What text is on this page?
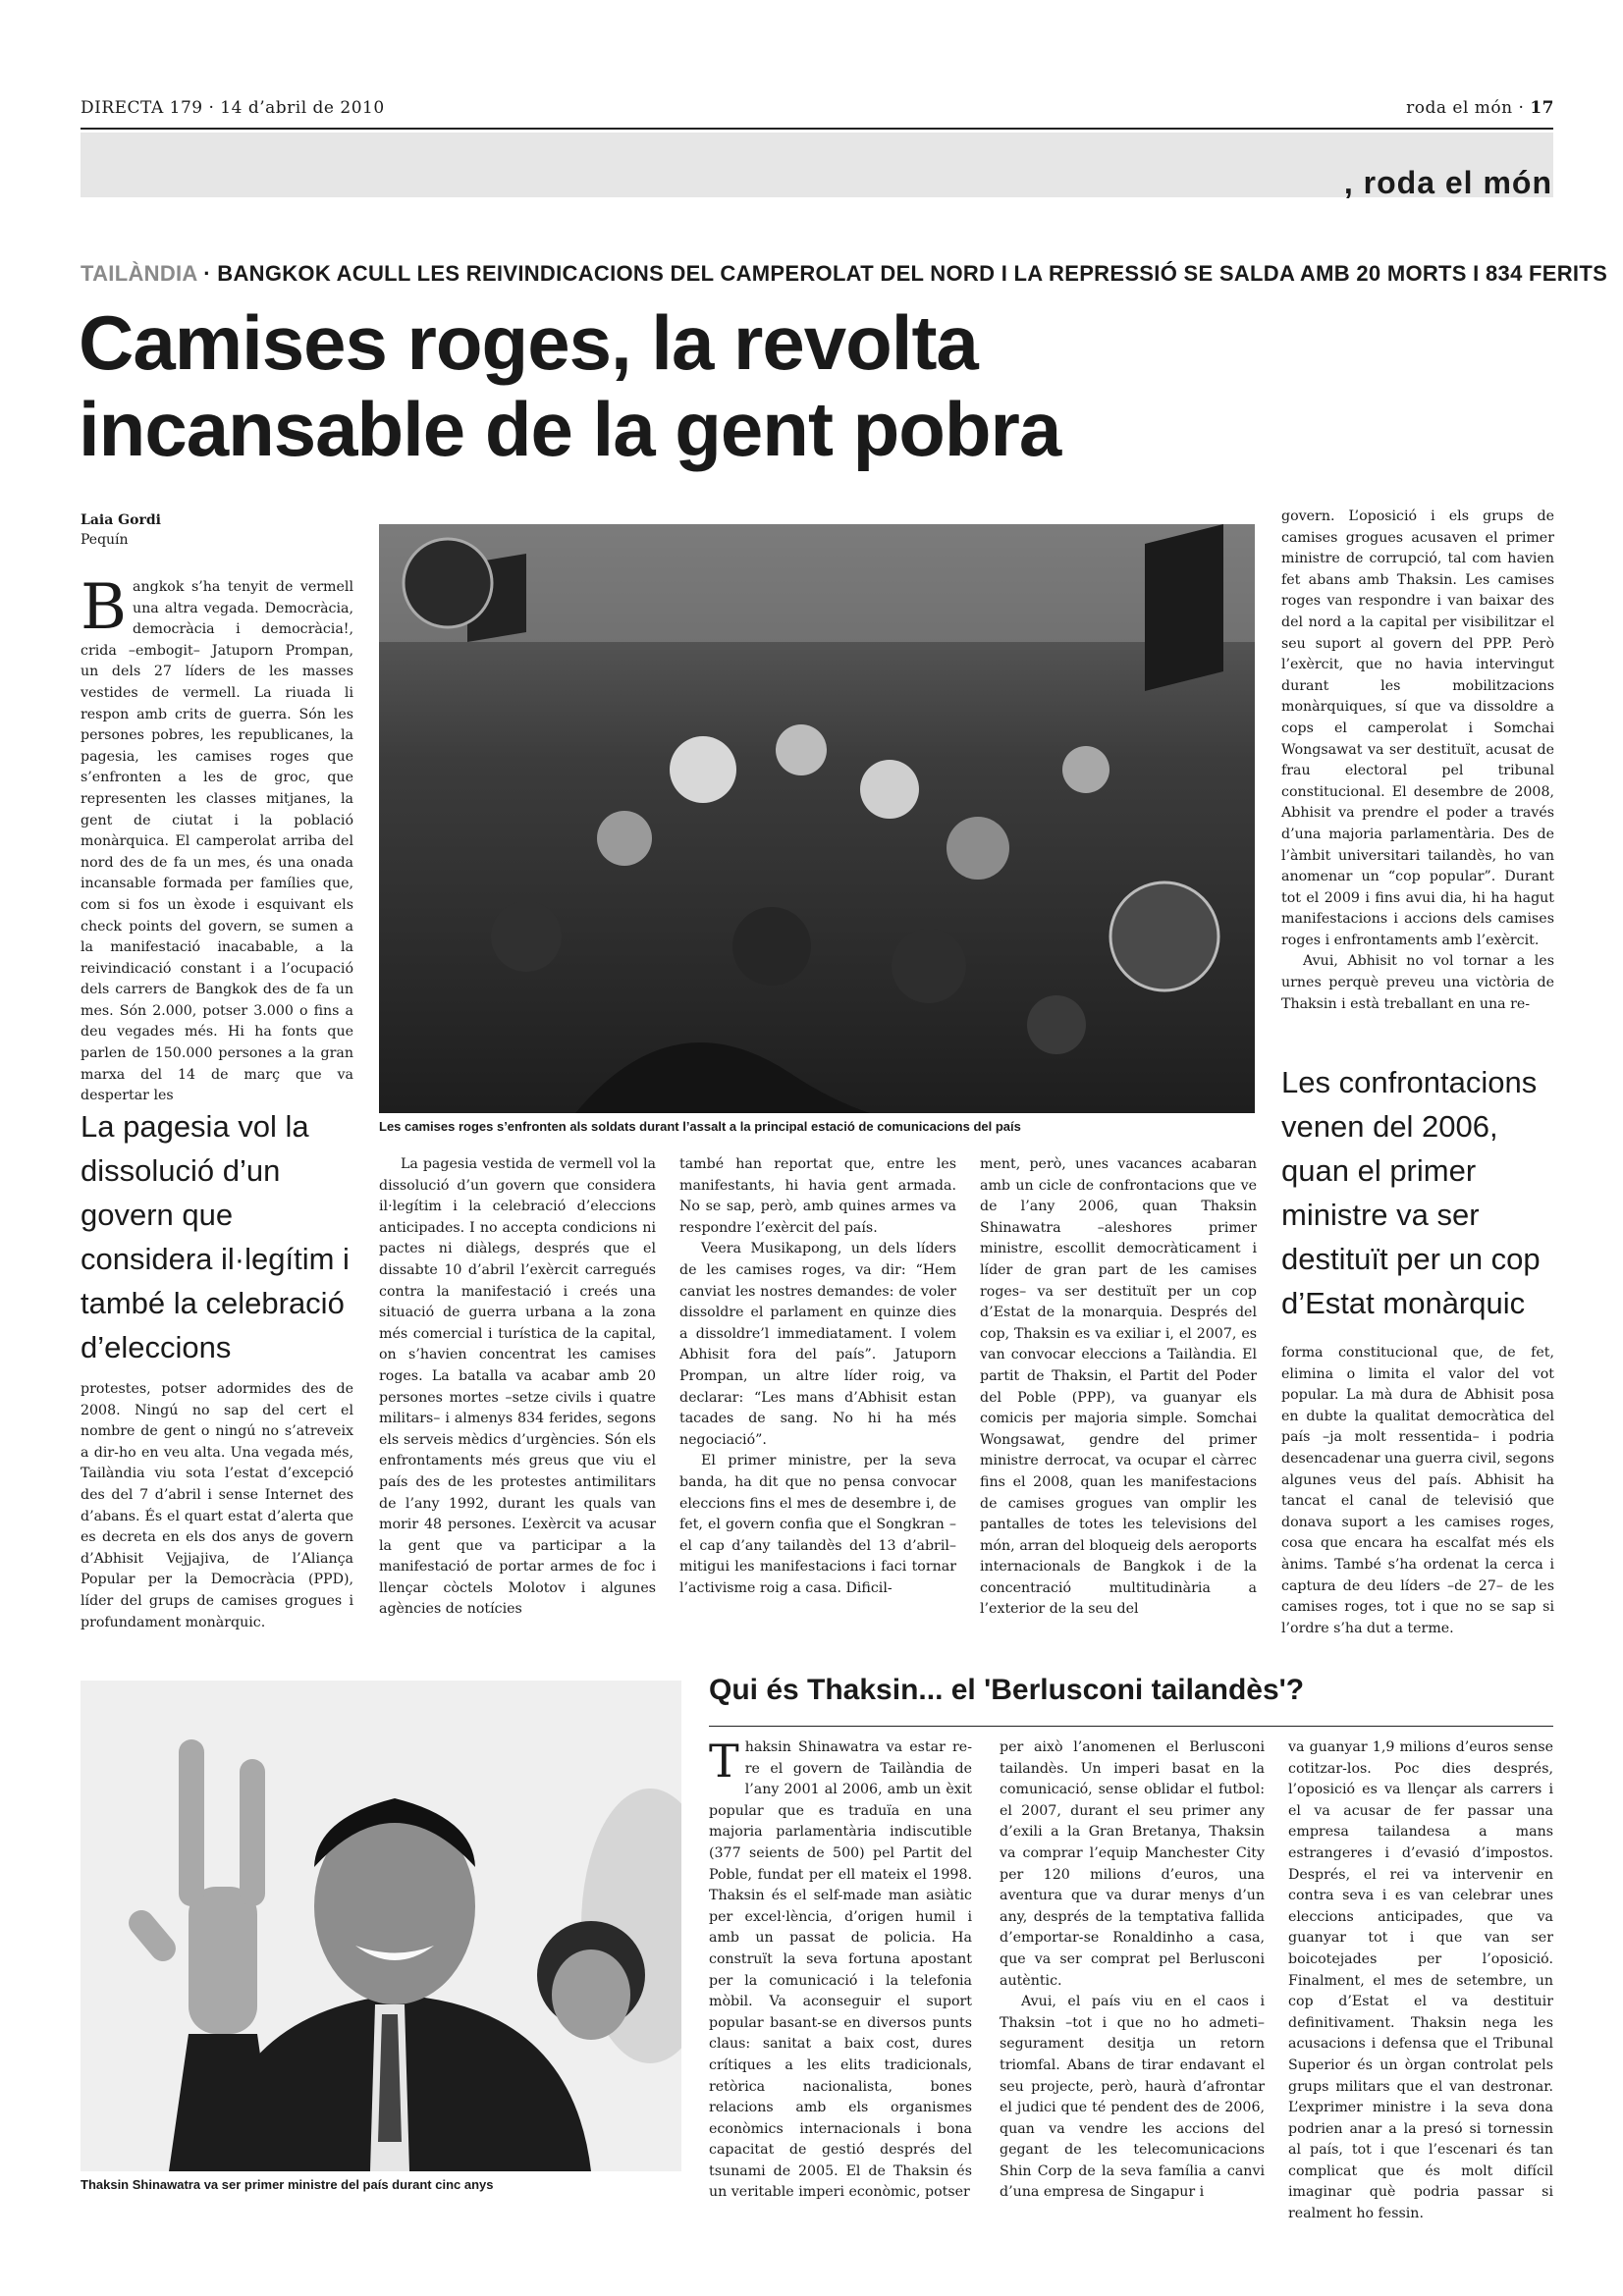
DIRECTA 179 · 14 d’abril de 2010	roda el món · 17
, roda el món
TAILÀNDIA · BANGKOK ACULL LES REIVINDICACIONS DEL CAMPEROLAT DEL NORD I LA REPRESSIÓ SE SALDA AMB 20 MORTS I 834 FERITS
Camises roges, la revolta
incansable de la gent pobra
Laia Gordi
Pequín
B angkok s’ha tenyit de vermell una altra vegada. Democràcia, democràcia i democràcia!, crida –embogit– Jatuporn Prompan, un dels 27 líders de les masses vestides de vermell. La riuada li respon amb crits de guerra. Són les persones pobres, les republicanes, la pagesia, les camises roges que s’enfronten a les de groc, que representen les classes mitjanes, la gent de ciutat i la població monàrquica. El camperolat arriba del nord des de fa un mes, és una onada incansable formada per famílies que, com si fos un èxode i esquivant els check points del govern, se sumen a la manifestació inacabable, a la reivindicació constant i a l’ocupació dels carrers de Bangkok des de fa un mes. Són 2.000, potser 3.000 o fins a deu vegades més. Hi ha fonts que parlen de 150.000 persones a la gran marxa del 14 de març que va despertar les
La pagesia vol la dissolució d’un govern que considera il·legítim i també la celebració d’eleccions
protestes, potser adormides des de 2008. Ningú no sap del cert el nombre de gent o ningú no s’atreveix a dir-ho en veu alta. Una vegada més, Tailàndia viu sota l’estat d’excepció des del 7 d’abril i sense Internet des d’abans. És el quart estat d’alerta que es decreta en els dos anys de govern d’Abhisit Vejjajiva, de l’Aliança Popular per la Democràcia (PPD), líder del grups de camises grogues i profundament monàrquic.
Les camises roges s’enfronten als soldats durant l’assalt a la principal estació de comunicacions del país
La pagesia vestida de vermell vol la dissolució d’un govern que considera il·legítim i la celebració d’eleccions anticipades. I no accepta condicions ni pactes ni diàlegs, després que el dissabte 10 d’abril l’exèrcit carregués contra la manifestació i creés una situació de guerra urbana a la zona més comercial i turística de la capital, on s’havien concentrat les camises roges. La batalla va acabar amb 20 persones mortes –setze civils i quatre militars– i almenys 834 ferides, segons els serveis mèdics d’urgències. Són els enfrontaments més greus que viu el país des de les protestes antimilitars de l’any 1992, durant les quals van morir 48 persones. L’exèrcit va acusar la gent que va participar a la manifestació de portar armes de foc i llençar còctels Molotov i algunes agències de notícies

també han reportat que, entre les manifestants, hi havia gent armada. No se sap, però, amb quines armes va respondre l’exèrcit del país.

Veera Musikapong, un dels líders de les camises roges, va dir: “Hem canviat les nostres demandes: de voler dissoldre el parlament en quinze dies a dissoldre’l immediatament. I volem Abhisit fora del país”. Jatuporn Prompan, un altre líder roig, va declarar: “Les mans d’Abhisit estan tacades de sang. No hi ha més negociació”.

El primer ministre, per la seva banda, ha dit que no pensa convocar eleccions fins el mes de desembre i, de fet, el govern confia que el Songkran –el cap d’any tailandès del 13 d’abril– mitigui les manifestacions i faci tornar l’activisme roig a casa. Dificil-

ment, però, unes vacances acabaran amb un cicle de confrontacions que ve de l’any 2006, quan Thaksin Shinawatra –aleshores primer ministre, escollit democràticament i líder de gran part de les camises roges– va ser destituït per un cop d’Estat de la monarquia. Després del cop, Thaksin es va exiliar i, el 2007, es van convocar eleccions a Tailàndia. El partit de Thaksin, el Partit del Poder del Poble (PPP), va guanyar els comicis per majoria simple. Somchai Wongsawat, gendre del primer ministre derrocat, va ocupar el càrrec fins el 2008, quan les manifestacions de camises grogues van omplir les pantalles de totes les televisions del món, arran del bloqueig dels aeroports internacionals de Bangkok i de la concentració multitudinària a l’exterior de la seu del

govern. L’oposició i els grups de camises grogues acusaven el primer ministre de corrupció, tal com havien fet abans amb Thaksin. Les camises roges van respondre i van baixar des del nord a la capital per visibilitzar el seu suport al govern del PPP. Però l’exèrcit, que no havia intervingut durant les mobilitzacions monàrquiques, sí que va dissoldre a cops el camperolat i Somchai Wongsawat va ser destituït, acusat de frau electoral pel tribunal constitucional. El desembre de 2008, Abhisit va prendre el poder a través d’una majoria parlamentària. Des de l’àmbit universitari tailandès, ho van anomenar un “cop popular”. Durant tot el 2009 i fins avui dia, hi ha hagut manifestacions i accions dels camises roges i enfrontaments amb l’exèrcit.

Avui, Abhisit no vol tornar a les urnes perquè preveu una victòria de Thaksin i està treballant en una re-

Les confrontacions venen del 2006, quan el primer ministre va ser destituït per un cop d’Estat monàrquic
forma constitucional que, de fet, elimina o limita el valor del vot popular. La mà dura de Abhisit posa en dubte la qualitat democràtica del país –ja molt ressentida– i podria desencadenar una guerra civil, segons algunes veus del país. Abhisit ha tancat el canal de televisió que donava suport a les camises roges, cosa que encara ha escalfat més els ànims. També s’ha ordenat la cerca i captura de deu líders –de 27– de les camises roges, tot i que no se sap si l’ordre s’ha dut a terme.
Thaksin Shinawatra va ser primer ministre del país durant cinc anys
Qui és Thaksin... el 'Berlusconi tailandès'?
T haksin Shinawatra va estar re-re el govern de Tailàndia de l’any 2001 al 2006, amb un èxit popular que es traduïa en una majoria parlamentària indiscutible (377 seients de 500) pel Partit del Poble, fundat per ell mateix el 1998. Thaksin és el self-made man asiàtic per excel·lència, d’origen humil i amb un passat de policia. Ha construït la seva fortuna apostant per la comunicació i la telefonia mòbil. Va aconseguir el suport popular basant-se en diversos punts claus: sanitat a baix cost, dures crítiques a les elits tradicionals, retòrica nacionalista, bones relacions amb els organismes econòmics internacionals i bona capacitat de gestió després del tsunami de 2005. El de Thaksin és un veritable imperi econòmic, potser

per això l’anomenen el Berlusconi tailandès. Un imperi basat en la comunicació, sense oblidar el futbol: el 2007, durant el seu primer any d’exili a la Gran Bretanya, Thaksin va comprar l’equip Manchester City per 120 milions d’euros, una aventura que va durar menys d’un any, després de la temptativa fallida d’emportar-se Ronaldinho a casa, que va ser comprat pel Berlusconi autèntic.

Avui, el país viu en el caos i Thaksin –tot i que no ho admeti– segurament desitja un retorn triomfal. Abans de tirar endavant el seu projecte, però, haurà d’afrontar el judici que té pendent des de 2006, quan va vendre les accions del gegant de les telecomunicacions Shin Corp de la seva família a canvi d’una empresa de Singapur i

va guanyar 1,9 milions d’euros sense cotitzar-los. Poc dies després, l’oposició es va llençar als carrers i el va acusar de fer passar una empresa tailandesa a mans estrangeres i d’evasió d’impostos. Després, el rei va intervenir en contra seva i es van celebrar unes eleccions anticipades, que va guanyar tot i que van ser boicotejades per l’oposició. Finalment, el mes de setembre, un cop d’Estat el va destituir definitivament. Thaksin nega les acusacions i defensa que el Tribunal Superior és un òrgan controlat pels grups militars que el van destronar. L’exprimer ministre i la seva dona podrien anar a la presó si tornessin al país, tot i que l’escenari és tan complicat que és molt difícil imaginar què podria passar si realment ho fessin.
